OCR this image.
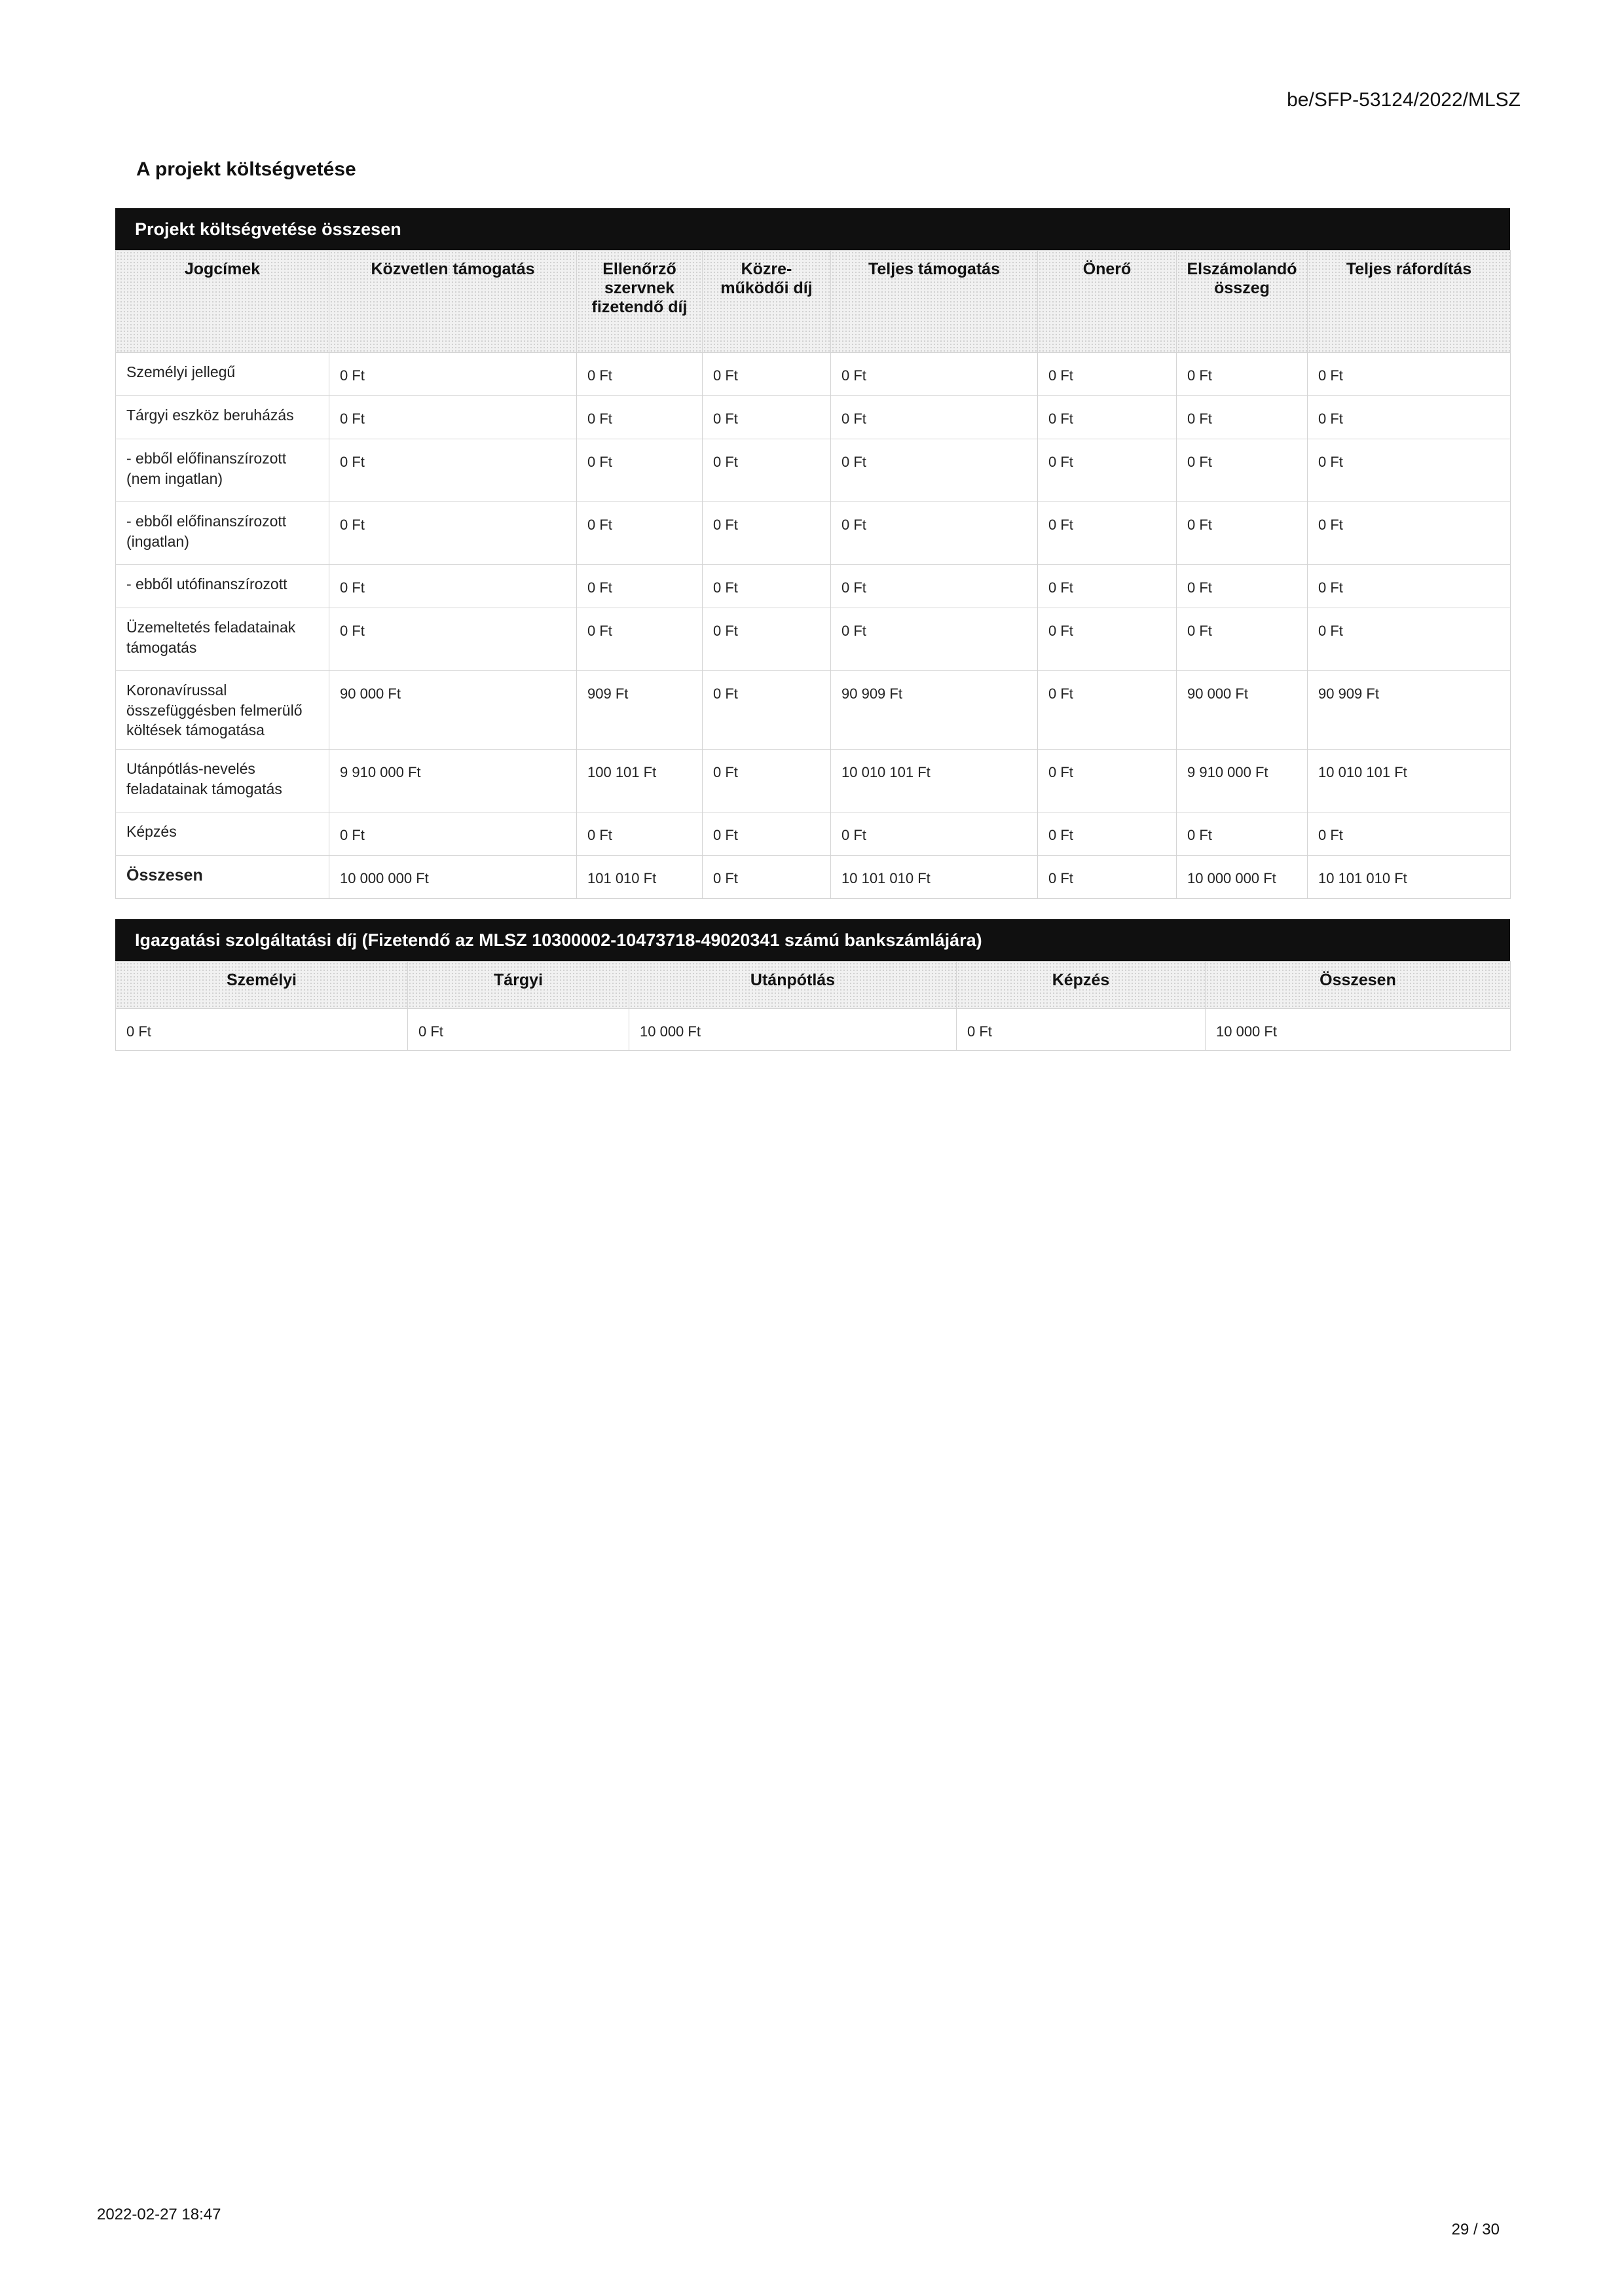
be/SFP-53124/2022/MLSZ
A projekt költségvetése
Projekt költségvetése összesen
Jogcímek	Közvetlen támogatás	Ellenőrző szervnek fizetendő díj	Közre-működői díj	Teljes támogatás	Önerő	Elszámolandó összeg	Teljes ráfordítás
Személyi jellegű	0 Ft	0 Ft	0 Ft	0 Ft	0 Ft	0 Ft	0 Ft
Tárgyi eszköz beruházás	0 Ft	0 Ft	0 Ft	0 Ft	0 Ft	0 Ft	0 Ft
- ebből előfinanszírozott (nem ingatlan)	0 Ft	0 Ft	0 Ft	0 Ft	0 Ft	0 Ft	0 Ft
- ebből előfinanszírozott (ingatlan)	0 Ft	0 Ft	0 Ft	0 Ft	0 Ft	0 Ft	0 Ft
- ebből utófinanszírozott	0 Ft	0 Ft	0 Ft	0 Ft	0 Ft	0 Ft	0 Ft
Üzemeltetés feladatainak támogatás	0 Ft	0 Ft	0 Ft	0 Ft	0 Ft	0 Ft	0 Ft
Koronavírussal összefüggésben felmerülő költések támogatása	90 000 Ft	909 Ft	0 Ft	90 909 Ft	0 Ft	90 000 Ft	90 909 Ft
Utánpótlás-nevelés feladatainak támogatás	9 910 000 Ft	100 101 Ft	0 Ft	10 010 101 Ft	0 Ft	9 910 000 Ft	10 010 101 Ft
Képzés	0 Ft	0 Ft	0 Ft	0 Ft	0 Ft	0 Ft	0 Ft
Összesen	10 000 000 Ft	101 010 Ft	0 Ft	10 101 010 Ft	0 Ft	10 000 000 Ft	10 101 010 Ft
Igazgatási szolgáltatási díj (Fizetendő az MLSZ 10300002-10473718-49020341 számú bankszámlájára)
Személyi	Tárgyi	Utánpótlás	Képzés	Összesen
0 Ft	0 Ft	10 000 Ft	0 Ft	10 000 Ft
2022-02-27 18:47
29 / 30
